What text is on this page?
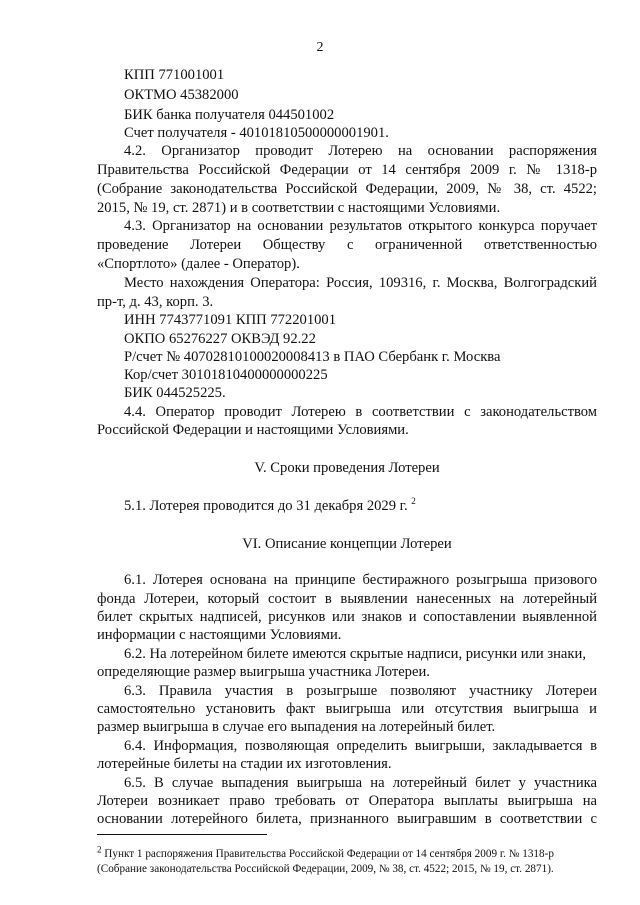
2
КПП 771001001
ОКТМО 45382000
БИК банка получателя 044501002
Счет получателя - 40101810500000001901.
4.2. Организатор проводит Лотерею на основании распоряжения
Правительства Российской Федерации от 14 сентября 2009 г. № 1318-р
(Собрание законодательства Российской Федерации, 2009, № 38, ст. 4522;
2015, № 19, ст. 2871) и в соответствии с настоящими Условиями.
4.3. Организатор на основании результатов открытого конкурса поручает
проведение Лотереи Обществу с ограниченной ответственностью
«Спортлото» (далее - Оператор).
Место нахождения Оператора: Россия, 109316, г. Москва, Волгоградский
пр-т, д. 43, корп. 3.
ИНН 7743771091 КПП 772201001
ОКПО 65276227 ОКВЭД 92.22
Р/счет № 40702810100020008413 в ПАО Сбербанк г. Москва
Кор/счет 30101810400000000225
БИК 044525225.
4.4. Оператор проводит Лотерею в соответствии с законодательством
Российской Федерации и настоящими Условиями.
V. Сроки проведения Лотереи
5.1. Лотерея проводится до 31 декабря 2029 г. $^2$
VI. Описание концепции Лотереи
6.1. Лотерея основана на принципе бестиражного розыгрыша призового
фонда Лотереи, который состоит в выявлении нанесенных на лотерейный
билет скрытых надписей, рисунков или знаков и сопоставлении выявленной
информации с настоящими Условиями.
6.2. На лотерейном билете имеются скрытые надписи, рисунки или знаки,
определяющие размер выигрыша участника Лотереи.
6.3. Правила участия в розыгрыше позволяют участнику Лотереи
самостоятельно установить факт выигрыша или отсутствия выигрыша и
размер выигрыша в случае его выпадения на лотерейный билет.
6.4. Информация, позволяющая определить выигрыши, закладывается в
лотерейные билеты на стадии их изготовления.
6.5. В случае выпадения выигрыша на лотерейный билет у участника
Лотереи возникает право требовать от Оператора выплаты выигрыша на
основании лотерейного билета, признанного выигравшим в соответствии с
$^2$ Пункт 1 распоряжения Правительства Российской Федерации от 14 сентября 2009 г. № 1318-р
(Собрание законодательства Российской Федерации, 2009, № 38, ст. 4522; 2015, № 19, ст. 2871).
